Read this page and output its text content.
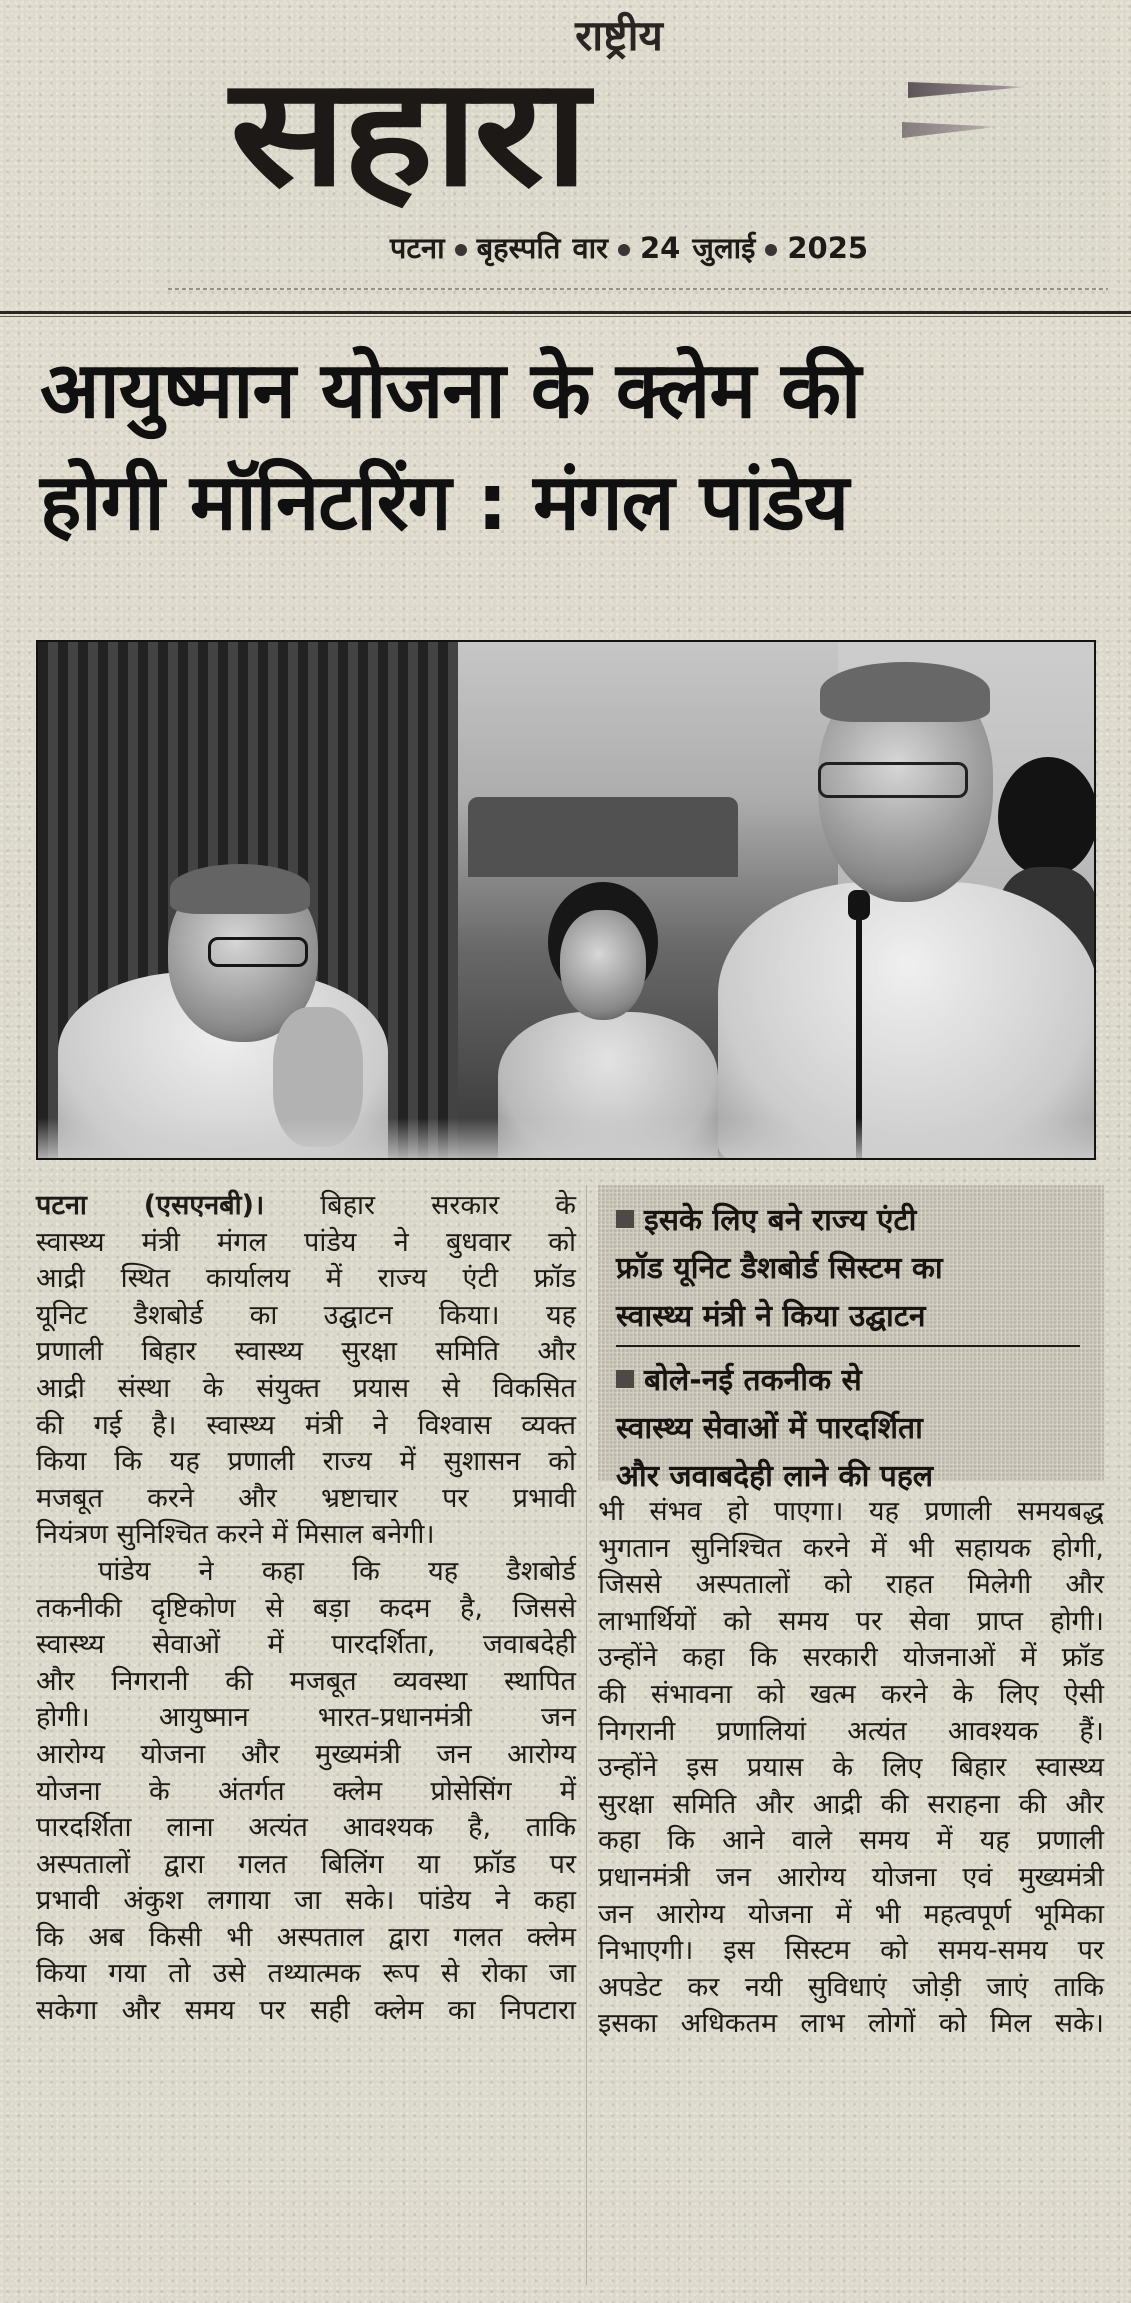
राष्ट्रीय
सहारा
पटना बृहस्पति वार 24 जुलाई 2025
आयुष्मान योजना के क्लेम की
होगी मॉनिटरिंग : मंगल पांडेय
पटना (एसएनबी)। बिहार सरकार के
स्वास्थ्य मंत्री मंगल पांडेय ने बुधवार को
आद्री स्थित कार्यालय में राज्य एंटी फ्रॉड
यूनिट डैशबोर्ड का उद्घाटन किया। यह
प्रणाली बिहार स्वास्थ्य सुरक्षा समिति और
आद्री संस्था के संयुक्त प्रयास से विकसित
की गई है। स्वास्थ्य मंत्री ने विश्वास व्यक्त
किया कि यह प्रणाली राज्य में सुशासन को
मजबूत करने और भ्रष्टाचार पर प्रभावी
नियंत्रण सुनिश्चित करने में मिसाल बनेगी।
पांडेय ने कहा कि यह डैशबोर्ड
तकनीकी दृष्टिकोण से बड़ा कदम है, जिससे
स्वास्थ्य सेवाओं में पारदर्शिता, जवाबदेही
और निगरानी की मजबूत व्यवस्था स्थापित
होगी। आयुष्मान भारत-प्रधानमंत्री जन
आरोग्य योजना और मुख्यमंत्री जन आरोग्य
योजना के अंतर्गत क्लेम प्रोसेसिंग में
पारदर्शिता लाना अत्यंत आवश्यक है, ताकि
अस्पतालों द्वारा गलत बिलिंग या फ्रॉड पर
प्रभावी अंकुश लगाया जा सके। पांडेय ने कहा
कि अब किसी भी अस्पताल द्वारा गलत क्लेम
किया गया तो उसे तथ्यात्मक रूप से रोका जा
सकेगा और समय पर सही क्लेम का निपटारा
इसके लिए बने राज्य एंटी
फ्रॉड यूनिट डैशबोर्ड सिस्टम का
स्वास्थ्य मंत्री ने किया उद्घाटन
बोले-नई तकनीक से
स्वास्थ्य सेवाओं में पारदर्शिता
और जवाबदेही लाने की पहल
भी संभव हो पाएगा। यह प्रणाली समयबद्ध
भुगतान सुनिश्चित करने में भी सहायक होगी,
जिससे अस्पतालों को राहत मिलेगी और
लाभार्थियों को समय पर सेवा प्राप्त होगी।
उन्होंने कहा कि सरकारी योजनाओं में फ्रॉड
की संभावना को खत्म करने के लिए ऐसी
निगरानी प्रणालियां अत्यंत आवश्यक हैं।
उन्होंने इस प्रयास के लिए बिहार स्वास्थ्य
सुरक्षा समिति और आद्री की सराहना की और
कहा कि आने वाले समय में यह प्रणाली
प्रधानमंत्री जन आरोग्य योजना एवं मुख्यमंत्री
जन आरोग्य योजना में भी महत्वपूर्ण भूमिका
निभाएगी। इस सिस्टम को समय-समय पर
अपडेट कर नयी सुविधाएं जोड़ी जाएं ताकि
इसका अधिकतम लाभ लोगों को मिल सके।
